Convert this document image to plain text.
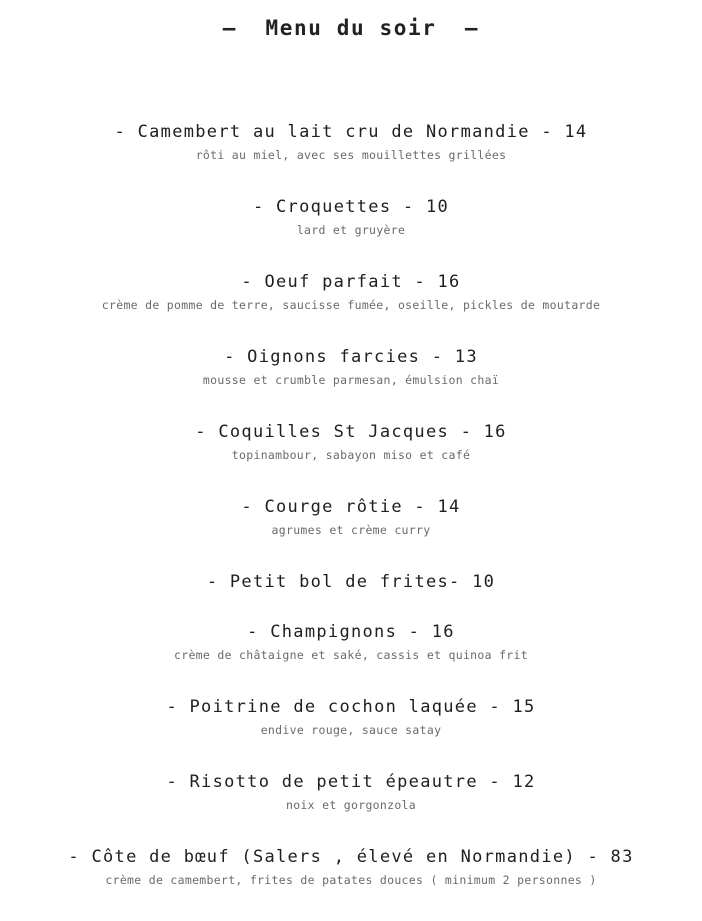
—  Menu du soir  —
- Camembert au lait cru de Normandie - 14
rôti au miel, avec ses mouillettes grillées
- Croquettes - 10
lard et gruyère
- Oeuf parfait - 16
crème de pomme de terre, saucisse fumée, oseille, pickles de moutarde
- Oignons farcies - 13
mousse et crumble parmesan, émulsion chaï
- Coquilles St Jacques - 16
topinambour, sabayon miso et café
- Courge rôtie - 14
agrumes et crème curry
- Petit bol de frites- 10
- Champignons - 16
crème de châtaigne et saké, cassis et quinoa frit
- Poitrine de cochon laquée - 15
endive rouge, sauce satay
- Risotto de petit épeautre - 12
noix et gorgonzola
- Côte de bœuf (Salers , élevé en Normandie) - 83
crème de camembert, frites de patates douces ( minimum 2 personnes )
